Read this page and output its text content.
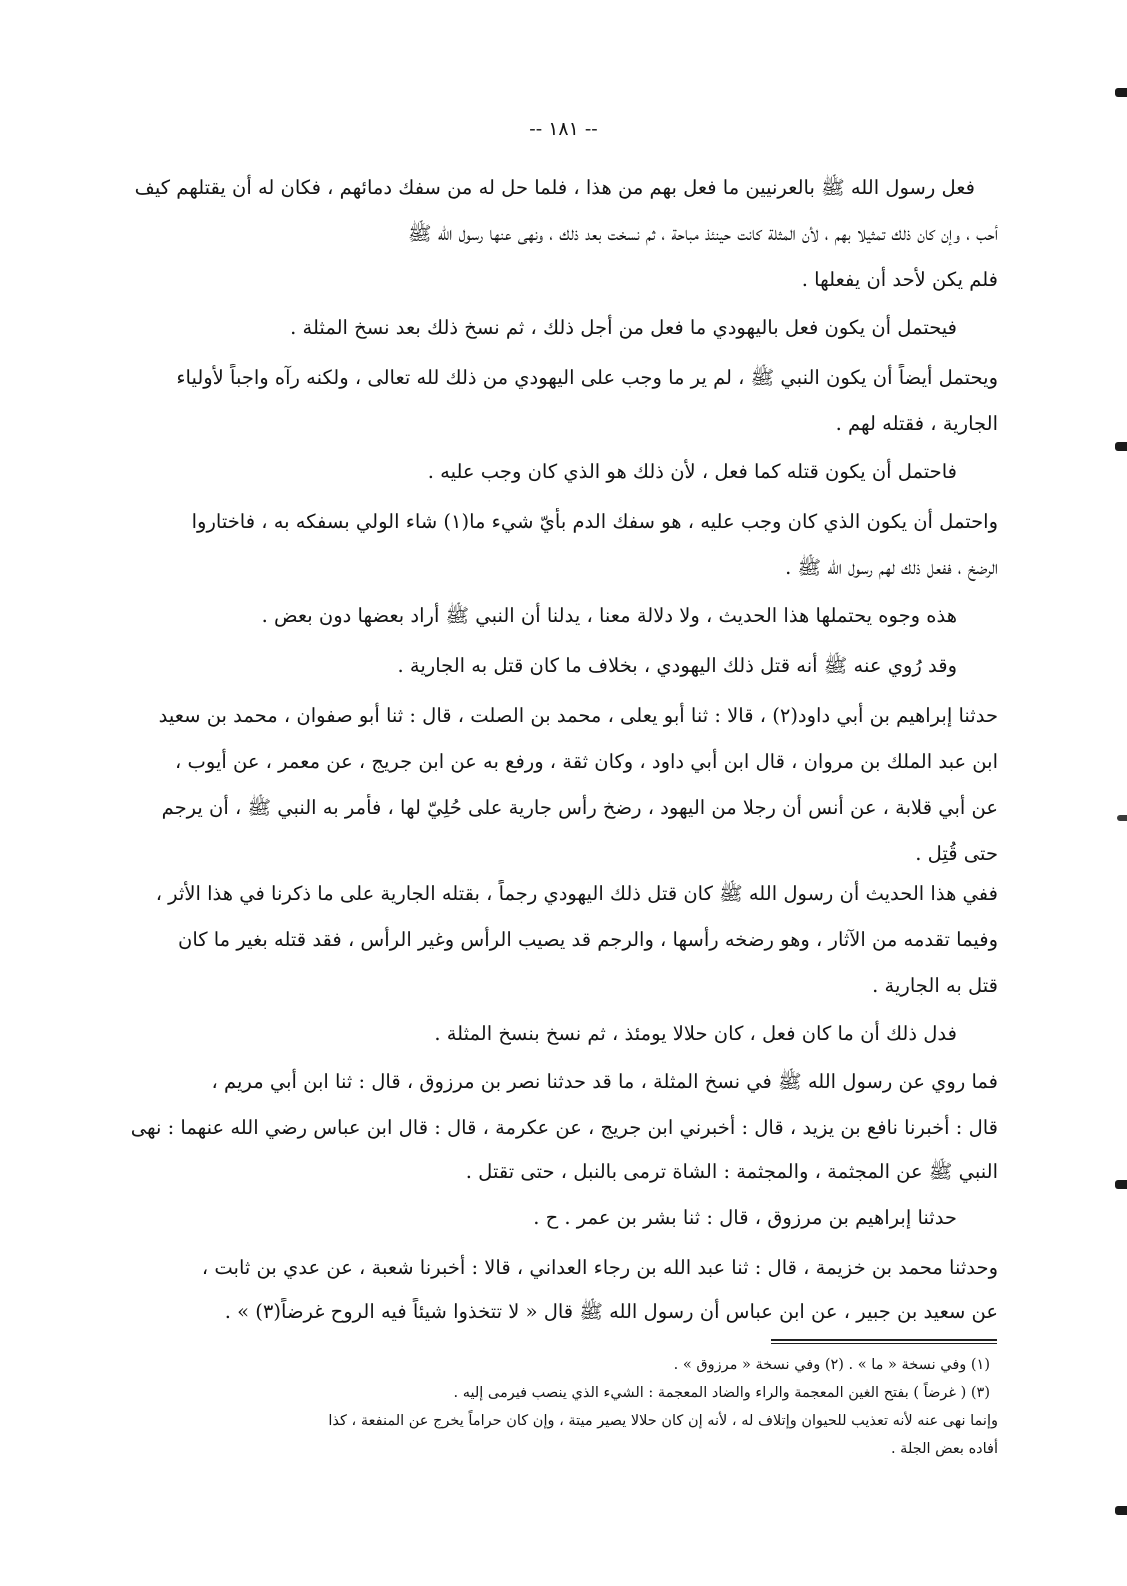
-- ١٨١ --
فعل رسول الله ﷺ بالعرنيين ما فعل بهم من هذا ، فلما حل له من سفك دمائهم ، فكان له أن يقتلهم كيف
أحب ، وإن كان ذلك تمثيلا بهم ، لأن المثلة كانت حينئذ مباحة ، ثم نسخت بعد ذلك ، ونهى عنها رسول الله ﷺ
فلم يكن لأحد أن يفعلها .
فيحتمل أن يكون فعل باليهودي ما فعل من أجل ذلك ، ثم نسخ ذلك بعد نسخ المثلة .
ويحتمل أيضاً أن يكون النبي ﷺ ، لم ير ما وجب على اليهودي من ذلك لله تعالى ، ولكنه رآه واجباً لأولياء
الجارية ، فقتله لهم .
فاحتمل أن يكون قتله كما فعل ، لأن ذلك هو الذي كان وجب عليه .
واحتمل أن يكون الذي كان وجب عليه ، هو سفك الدم بأيّ شيء ما(١) شاء الولي بسفكه به ، فاختاروا
الرضخ ، ففعل ذلك لهم رسول الله ﷺ .
هذه وجوه يحتملها هذا الحديث ، ولا دلالة معنا ، يدلنا أن النبي ﷺ أراد بعضها دون بعض .
وقد رُوي عنه ﷺ أنه قتل ذلك اليهودي ، بخلاف ما كان قتل به الجارية .
حدثنا إبراهيم بن أبي داود(٢) ، قالا : ثنا أبو يعلى ، محمد بن الصلت ، قال : ثنا أبو صفوان ، محمد بن سعيد
ابن عبد الملك بن مروان ، قال ابن أبي داود ، وكان ثقة ، ورفع به عن ابن جريج ، عن معمر ، عن أيوب ،
عن أبي قلابة ، عن أنس أن رجلا من اليهود ، رضخ رأس جارية على حُلِيّ لها ، فأمر به النبي ﷺ ، أن يرجم
حتى قُتِل .
ففي هذا الحديث أن رسول الله ﷺ كان قتل ذلك اليهودي رجماً ، بقتله الجارية على ما ذكرنا في هذا الأثر ،
وفيما تقدمه من الآثار ، وهو رضخه رأسها ، والرجم قد يصيب الرأس وغير الرأس ، فقد قتله بغير ما كان
قتل به الجارية .
فدل ذلك أن ما كان فعل ، كان حلالا يومئذ ، ثم نسخ بنسخ المثلة .
فما روي عن رسول الله ﷺ في نسخ المثلة ، ما قد حدثنا نصر بن مرزوق ، قال : ثنا ابن أبي مريم ،
قال : أخبرنا نافع بن يزيد ، قال : أخبرني ابن جريج ، عن عكرمة ، قال : قال ابن عباس رضي الله عنهما : نهى
النبي ﷺ عن المجثمة ، والمجثمة : الشاة ترمى بالنبل ، حتى تقتل .
حدثنا إبراهيم بن مرزوق ، قال : ثنا بشر بن عمر . ح .
وحدثنا محمد بن خزيمة ، قال : ثنا عبد الله بن رجاء العداني ، قالا : أخبرنا شعبة ، عن عدي بن ثابت ،
عن سعيد بن جبير ، عن ابن عباس أن رسول الله ﷺ قال « لا تتخذوا شيئاً فيه الروح غرضاً(٣) » .
(١) وفي نسخة « ما » . (٢) وفي نسخة « مرزوق » .
(٣) ( غرضاً ) بفتح الغين المعجمة والراء والضاد المعجمة : الشيء الذي ينصب فيرمى إليه .
وإنما نهى عنه لأنه تعذيب للحيوان وإتلاف له ، لأنه إن كان حلالا يصير ميتة ، وإن كان حراماً يخرج عن المنفعة ، كذا
أفاده بعض الجلة .
